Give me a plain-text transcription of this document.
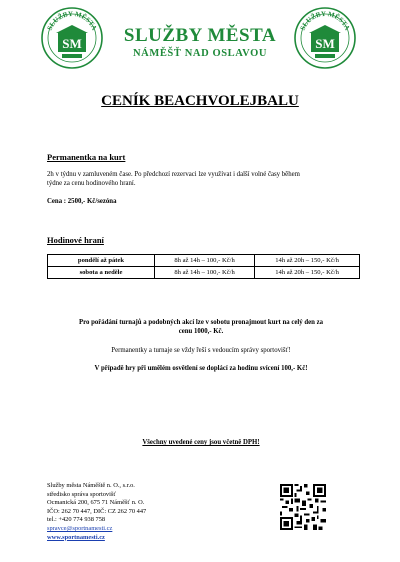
SLUŽBY MĚSTA
SM	SLUŽBY MĚSTA
NÁMĚŠŤ NAD OSLAVOU
SLUŽBY MĚSTA
SM
CENÍK BEACHVOLEJBALU
Permanentka na kurt
2h v týdnu v zamluveném čase. Po předchozí rezervaci lze využívat i další volné časy během
týdne za cenu hodinového hraní.
Cena : 2500,- Kč/sezóna
Hodinové hraní
pondělí až pátek	8h až 14h – 100,- Kč/h	14h až 20h – 150,- Kč/h
sobota a neděle	8h až 14h – 100,- Kč/h	14h až 20h – 150,- Kč/h
Pro pořádání turnajů a podobných akcí lze v sobotu pronajmout kurt na celý den za
cenu 1000,- Kč.
Permanentky a turnaje se vždy řeší s vedoucím správy sportovišť!
V případě hry při umělém osvětlení se doplácí za hodinu svícení 100,- Kč!
Všechny uvedené ceny jsou včetně DPH!
Služby města Náměště n. O., s.r.o.
středisko správa sportovišť
Ocmanická 200, 675 71 Náměšť n. O.
IČO: 262 70 447, DIČ: CZ 262 70 447
tel.: +420 774 938 758
spravce@sportnamesti.cz
www.sportnamesti.cz
